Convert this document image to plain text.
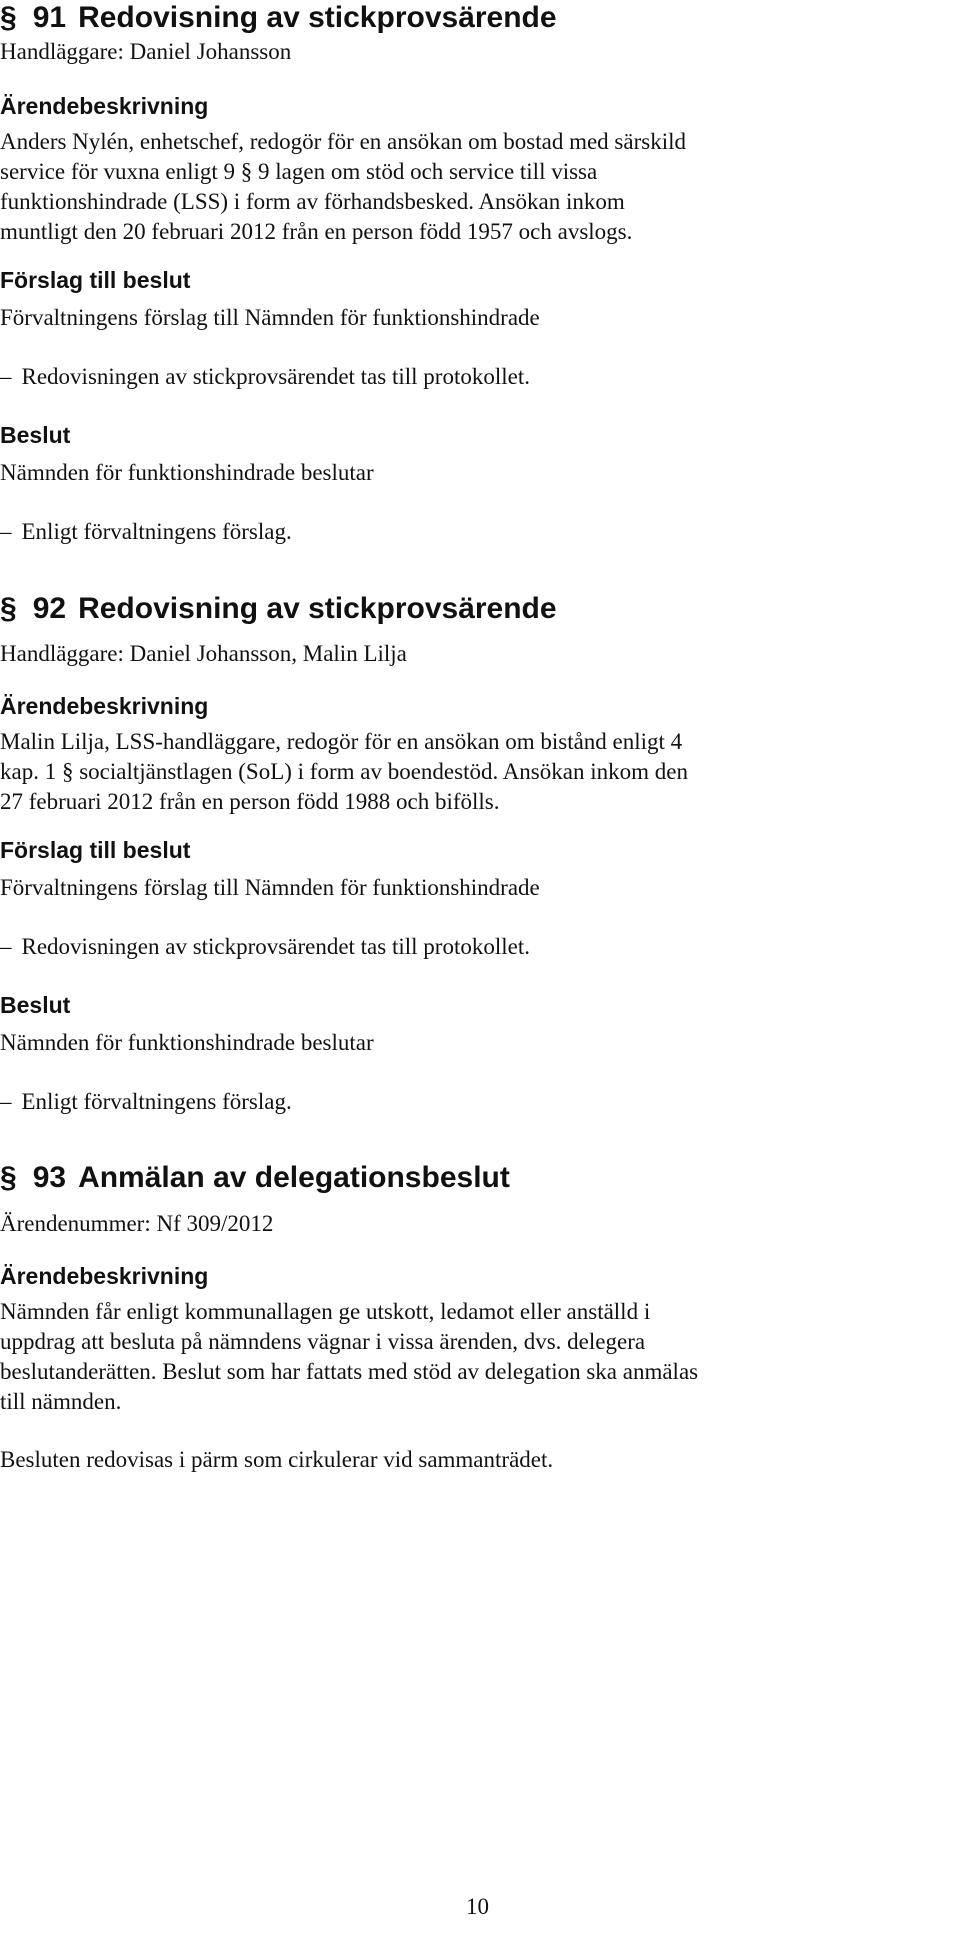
§ 91 Redovisning av stickprovsärende
Handläggare: Daniel Johansson
Ärendebeskrivning
Anders Nylén, enhetschef, redogör för en ansökan om bostad med särskild
service för vuxna enligt 9 § 9 lagen om stöd och service till vissa
funktionshindrade (LSS) i form av förhandsbesked. Ansökan inkom
muntligt den 20 februari 2012 från en person född 1957 och avslogs.
Förslag till beslut
Förvaltningens förslag till Nämnden för funktionshindrade
– Redovisningen av stickprovsärendet tas till protokollet.
Beslut
Nämnden för funktionshindrade beslutar
– Enligt förvaltningens förslag.
§ 92 Redovisning av stickprovsärende
Handläggare: Daniel Johansson, Malin Lilja
Ärendebeskrivning
Malin Lilja, LSS-handläggare, redogör för en ansökan om bistånd enligt 4
kap. 1 § socialtjänstlagen (SoL) i form av boendestöd. Ansökan inkom den
27 februari 2012 från en person född 1988 och bifölls.
Förslag till beslut
Förvaltningens förslag till Nämnden för funktionshindrade
– Redovisningen av stickprovsärendet tas till protokollet.
Beslut
Nämnden för funktionshindrade beslutar
– Enligt förvaltningens förslag.
§ 93 Anmälan av delegationsbeslut
Ärendenummer: Nf 309/2012
Ärendebeskrivning
Nämnden får enligt kommunallagen ge utskott, ledamot eller anställd i
uppdrag att besluta på nämndens vägnar i vissa ärenden, dvs. delegera
beslutanderätten. Beslut som har fattats med stöd av delegation ska anmälas
till nämnden.
Besluten redovisas i pärm som cirkulerar vid sammanträdet.
10
